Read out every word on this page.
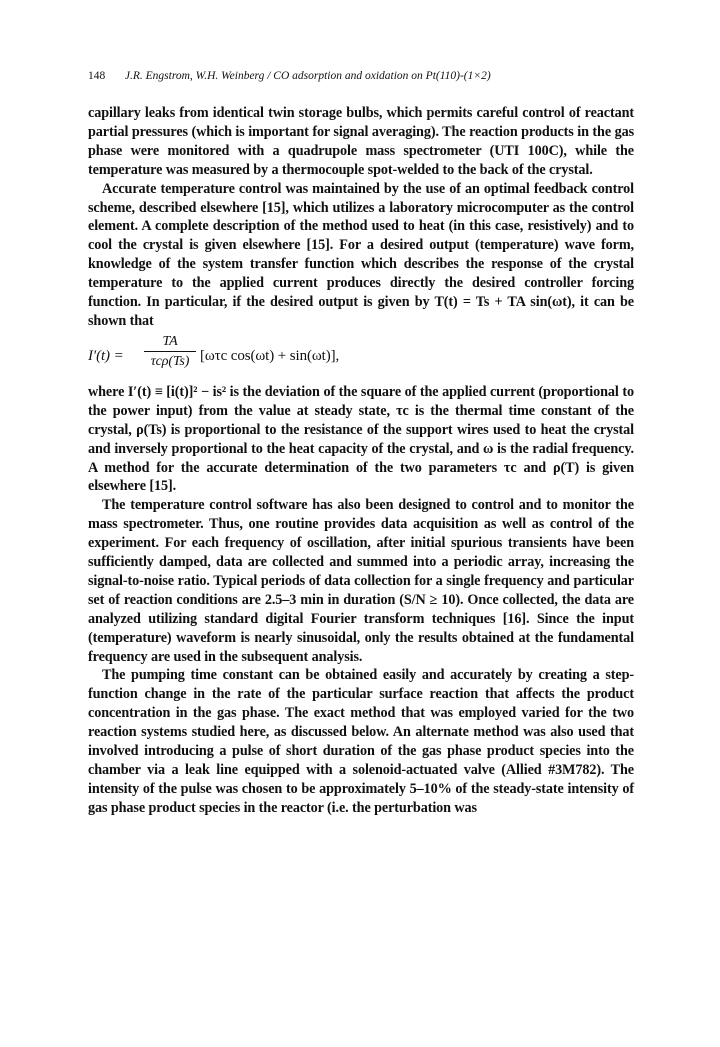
148 J.R. Engstrom, W.H. Weinberg / CO adsorption and oxidation on Pt(110)-(1×2)

capillary leaks from identical twin storage bulbs, which permits careful control of reactant partial pressures (which is important for signal averaging). The reaction products in the gas phase were monitored with a quadrupole mass spectrometer (UTI 100C), while the temperature was measured by a thermocouple spot-welded to the back of the crystal.

Accurate temperature control was maintained by the use of an optimal feedback control scheme, described elsewhere [15], which utilizes a laboratory microcomputer as the control element. A complete description of the method used to heat (in this case, resistively) and to cool the crystal is given elsewhere [15]. For a desired output (temperature) wave form, knowledge of the system transfer function which describes the response of the crystal temperature to the applied current produces directly the desired controller forcing function. In particular, if the desired output is given by T(t) = Ts + TA sin(ωt), it can be shown that

I′(t) =
TA
τcρ(Ts) [ωτc cos(ωt) + sin(ωt)],

where I′(t) ≡ [i(t)]² − is² is the deviation of the square of the applied current (proportional to the power input) from the value at steady state, τc is the thermal time constant of the crystal, ρ(Ts) is proportional to the resistance of the support wires used to heat the crystal and inversely proportional to the heat capacity of the crystal, and ω is the radial frequency. A method for the accurate determination of the two parameters τc and ρ(T) is given elsewhere [15].

The temperature control software has also been designed to control and to monitor the mass spectrometer. Thus, one routine provides data acquisition as well as control of the experiment. For each frequency of oscillation, after initial spurious transients have been sufficiently damped, data are collected and summed into a periodic array, increasing the signal-to-noise ratio. Typical periods of data collection for a single frequency and particular set of reaction conditions are 2.5–3 min in duration (S/N ≥ 10). Once collected, the data are analyzed utilizing standard digital Fourier transform techniques [16]. Since the input (temperature) waveform is nearly sinusoidal, only the results obtained at the fundamental frequency are used in the subsequent analysis.

The pumping time constant can be obtained easily and accurately by creating a step-function change in the rate of the particular surface reaction that affects the product concentration in the gas phase. The exact method that was employed varied for the two reaction systems studied here, as discussed below. An alternate method was also used that involved introducing a pulse of short duration of the gas phase product species into the chamber via a leak line equipped with a solenoid-actuated valve (Allied #3M782). The intensity of the pulse was chosen to be approximately 5–10% of the steady-state intensity of gas phase product species in the reactor (i.e. the perturbation was
